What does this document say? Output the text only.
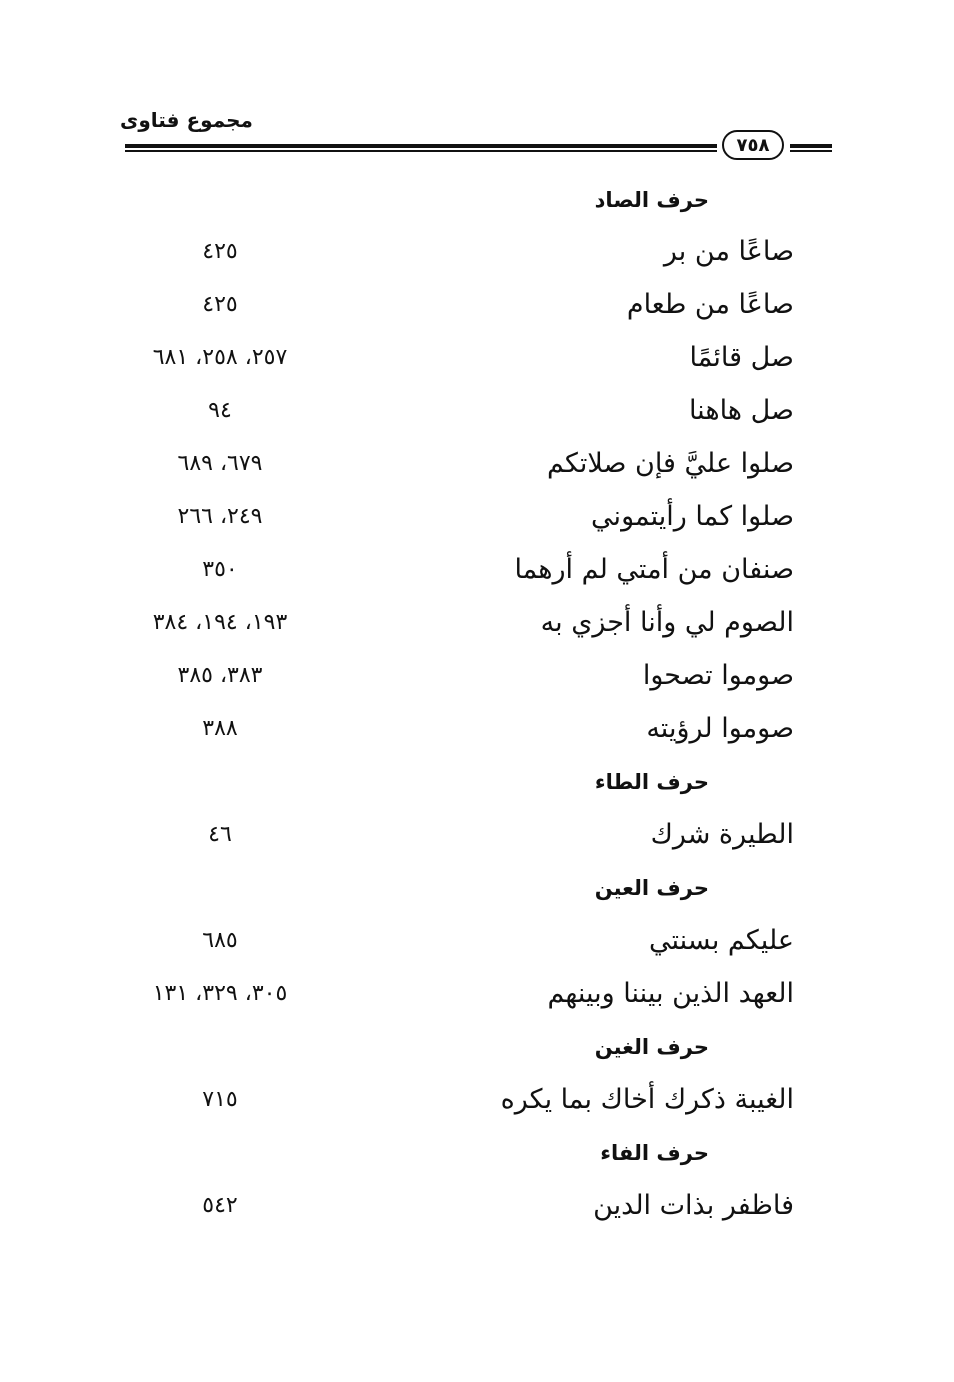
مجموع فتاوى
٧٥٨
حرف الصاد
صاعًا من بر
٤٢٥
صاعًا من طعام
٤٢٥
صل قائمًا
٢٥٧، ٢٥٨، ٦٨١
صل هاهنا
٩٤
صلوا عليَّ فإن صلاتكم
٦٧٩، ٦٨٩
صلوا كما رأيتموني
٢٤٩، ٢٦٦
صنفان من أمتي لم أرهما
٣٥٠
الصوم لي وأنا أجزي به
١٩٣، ١٩٤، ٣٨٤
صوموا تصحوا
٣٨٣، ٣٨٥
صوموا لرؤيته
٣٨٨
حرف الطاء
الطيرة شرك
٤٦
حرف العين
عليكم بسنتي
٦٨٥
العهد الذين بيننا وبينهم
٣٠٥، ٣٢٩، ١٣١
حرف الغين
الغيبة ذكرك أخاك بما يكره
٧١٥
حرف الفاء
فاظفر بذات الدين
٥٤٢
